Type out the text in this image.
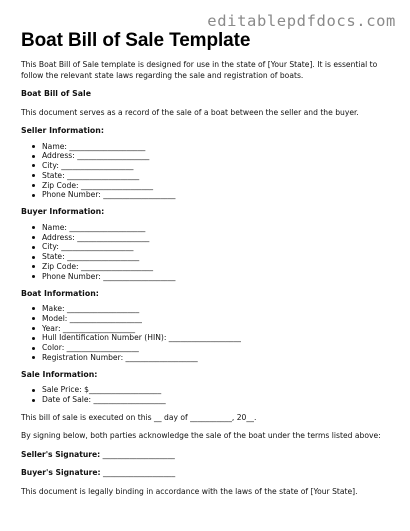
editablepdfdocs.com
Boat Bill of Sale Template

This Boat Bill of Sale template is designed for use in the state of [Your State]. It is essential to follow the relevant state laws regarding the sale and registration of boats.

Boat Bill of Sale

This document serves as a record of the sale of a boat between the seller and the buyer.

Seller Information:
Name: ____________________
Address: ___________________
City: ___________________
State: ___________________
Zip Code: ___________________
Phone Number: ___________________
Buyer Information:
Name: ____________________
Address: ___________________
City: ___________________
State: ___________________
Zip Code: ___________________
Phone Number: ___________________
Boat Information:
Make: ___________________
Model: ___________________
Year: ___________________
Hull Identification Number (HIN): ___________________
Color: ___________________
Registration Number: ___________________
Sale Information:
Sale Price: $___________________
Date of Sale: ___________________

This bill of sale is executed on this __ day of ___________, 20__.

By signing below, both parties acknowledge the sale of the boat under the terms listed above:

Seller's Signature: ___________________
Buyer's Signature: ___________________

This document is legally binding in accordance with the laws of the state of [Your State].
